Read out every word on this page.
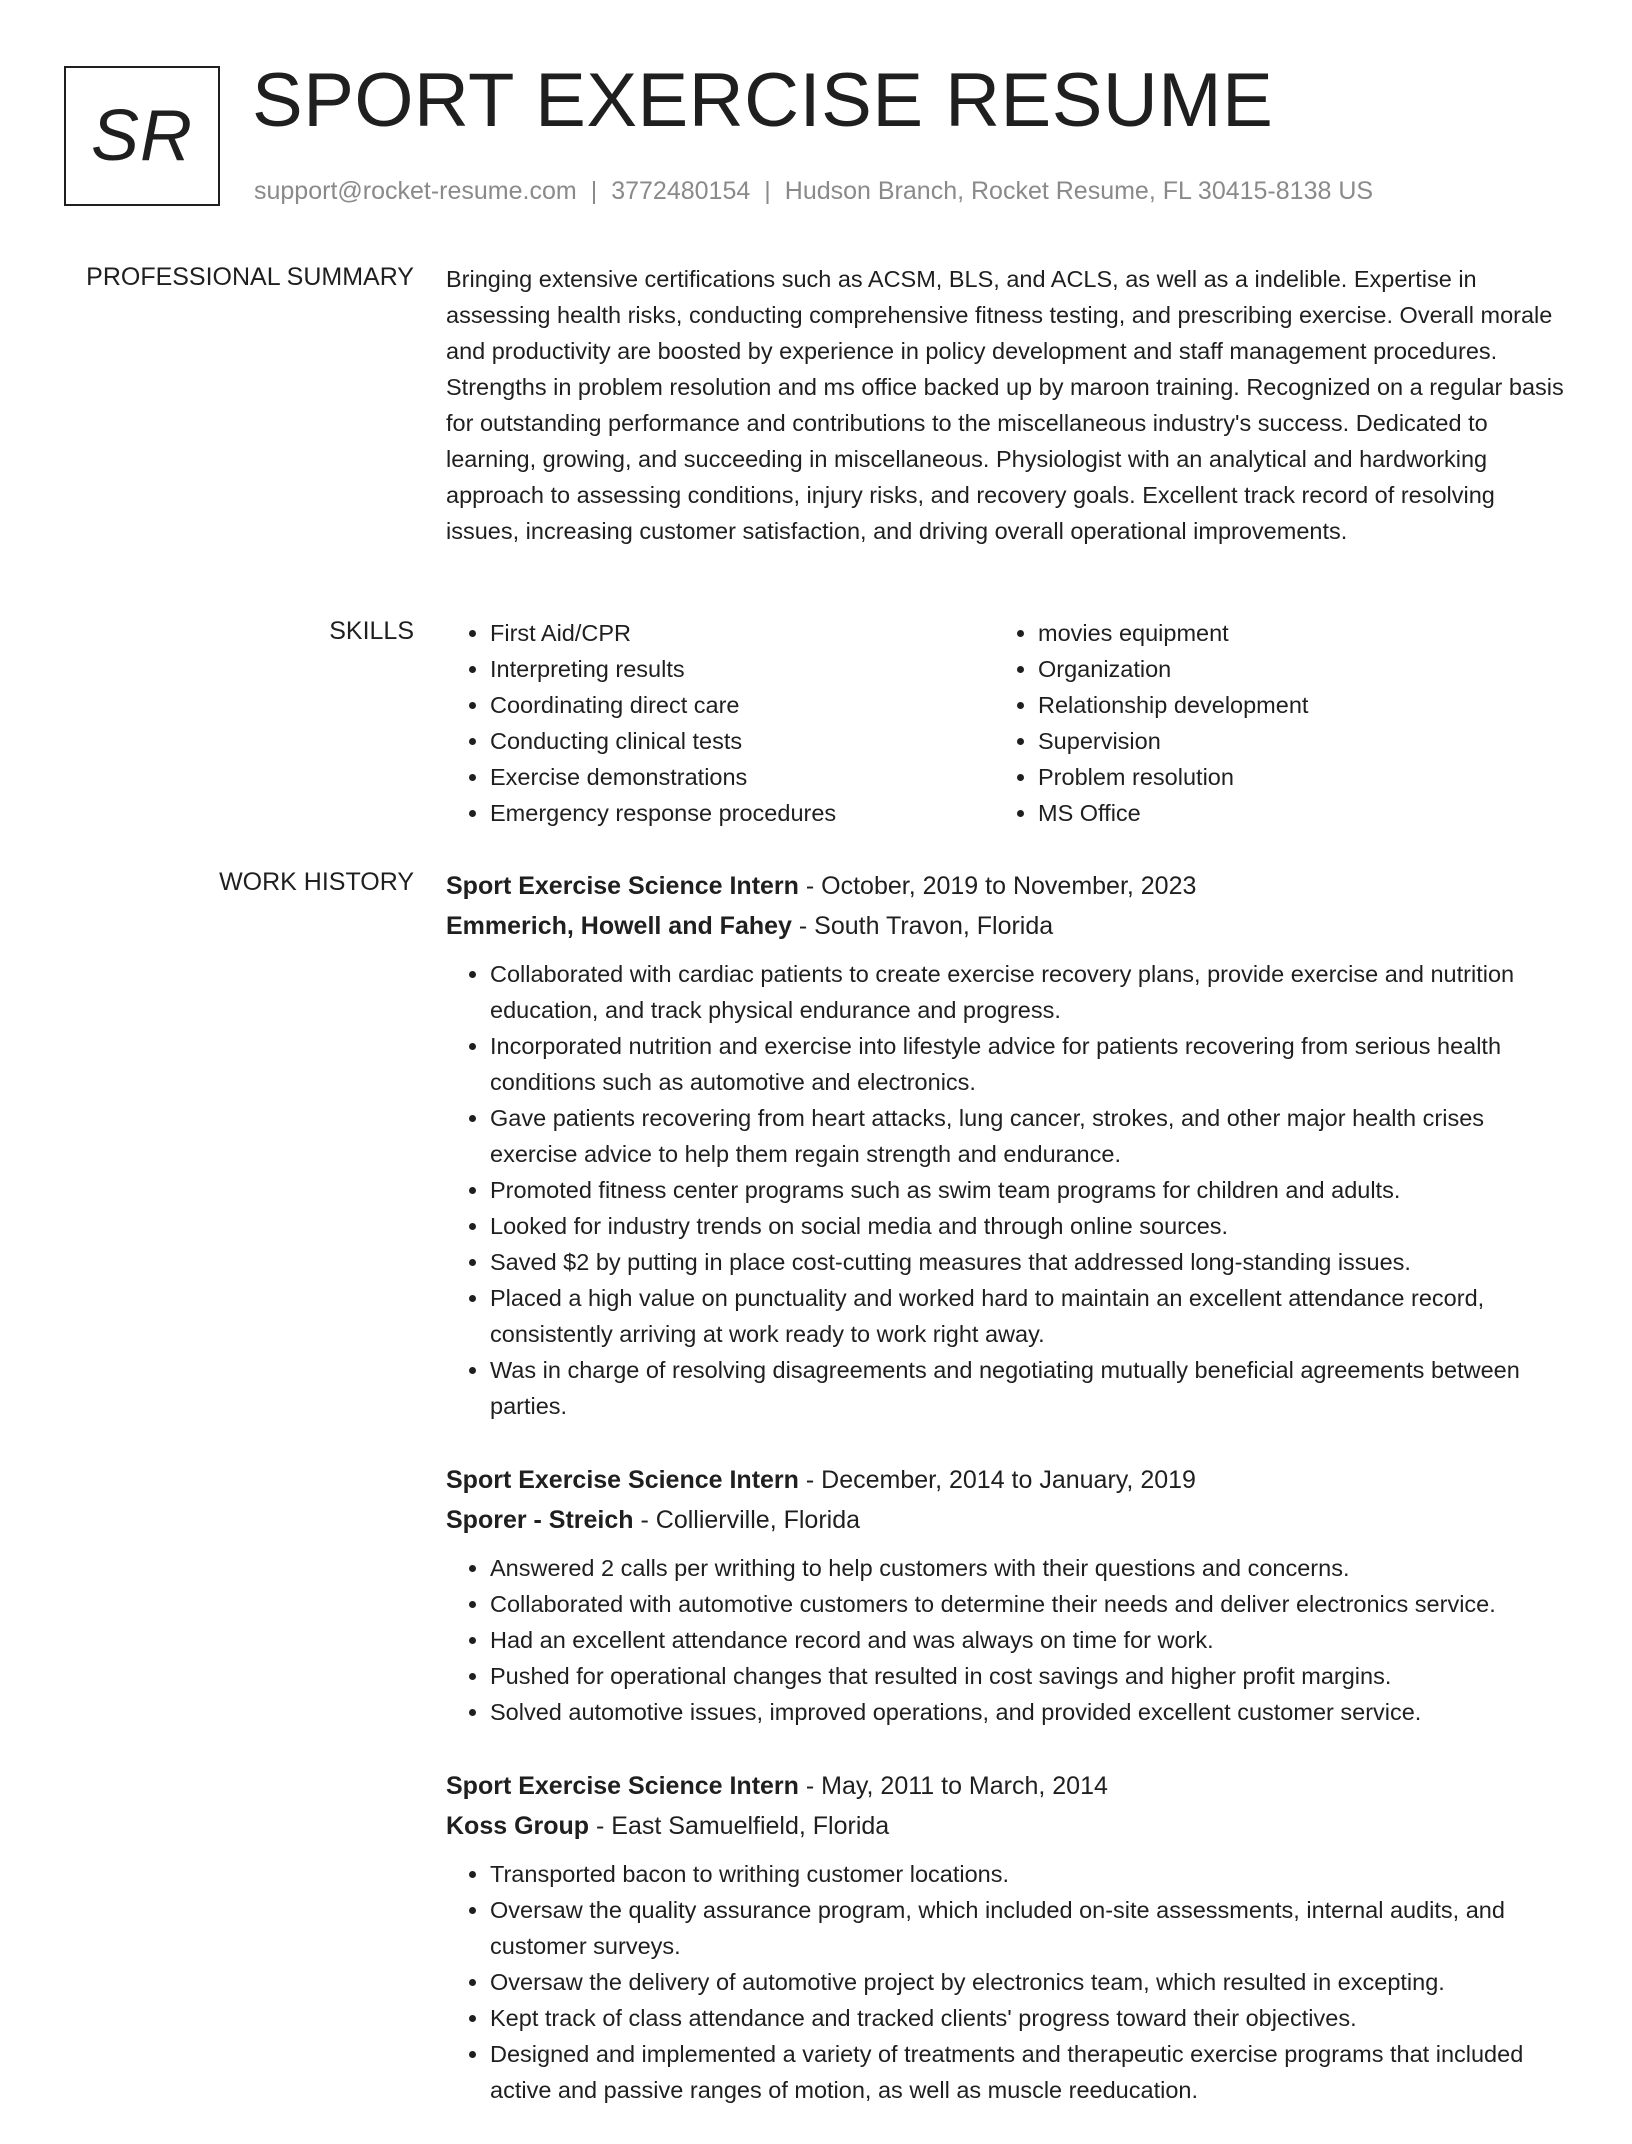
SR SPORT EXERCISE RESUME
support@rocket-resume.com | 3772480154 | Hudson Branch, Rocket Resume, FL 30415-8138 US
PROFESSIONAL SUMMARY Bringing extensive certifications such as ACSM, BLS, and ACLS, as well as a indelible. Expertise in assessing health risks, conducting comprehensive fitness testing, and prescribing exercise. Overall morale and productivity are boosted by experience in policy development and staff management procedures. Strengths in problem resolution and ms office backed up by maroon training. Recognized on a regular basis for outstanding performance and contributions to the miscellaneous industry's success. Dedicated to learning, growing, and succeeding in miscellaneous. Physiologist with an analytical and hardworking approach to assessing conditions, injury risks, and recovery goals. Excellent track record of resolving issues, increasing customer satisfaction, and driving overall operational improvements.

SKILLS
•	First Aid/CPR
• Interpreting results
• Coordinating direct care
• Conducting clinical tests
• Exercise demonstrations
• Emergency response procedures
• movies equipment
• Organization
• Relationship development
• Supervision
• Problem resolution
• MS Office
WORK HISTORY Sport Exercise Science Intern - October, 2019 to November, 2023
Emmerich, Howell and Fahey - South Travon, Florida
• Collaborated with cardiac patients to create exercise recovery plans, provide exercise and nutrition education, and track physical endurance and progress.
• Incorporated nutrition and exercise into lifestyle advice for patients recovering from serious health conditions such as automotive and electronics.
• Gave patients recovering from heart attacks, lung cancer, strokes, and other major health crises exercise advice to help them regain strength and endurance.
• Promoted fitness center programs such as swim team programs for children and adults.
• Looked for industry trends on social media and through online sources.
• Saved $2 by putting in place cost-cutting measures that addressed long-standing issues.
• Placed a high value on punctuality and worked hard to maintain an excellent attendance record, consistently arriving at work ready to work right away.
• Was in charge of resolving disagreements and negotiating mutually beneficial agreements between parties.
Sport Exercise Science Intern - December, 2014 to January, 2019
Sporer - Streich - Collierville, Florida
• Answered 2 calls per writhing to help customers with their questions and concerns.
• Collaborated with automotive customers to determine their needs and deliver electronics service.
• Had an excellent attendance record and was always on time for work.
• Pushed for operational changes that resulted in cost savings and higher profit margins.
• Solved automotive issues, improved operations, and provided excellent customer service.
Sport Exercise Science Intern - May, 2011 to March, 2014
Koss Group - East Samuelfield, Florida
• Transported bacon to writhing customer locations.
• Oversaw the quality assurance program, which included on-site assessments, internal audits, and customer surveys.
• Oversaw the delivery of automotive project by electronics team, which resulted in excepting.
• Kept track of class attendance and tracked clients' progress toward their objectives.
• Designed and implemented a variety of treatments and therapeutic exercise programs that included active and passive ranges of motion, as well as muscle reeducation.
